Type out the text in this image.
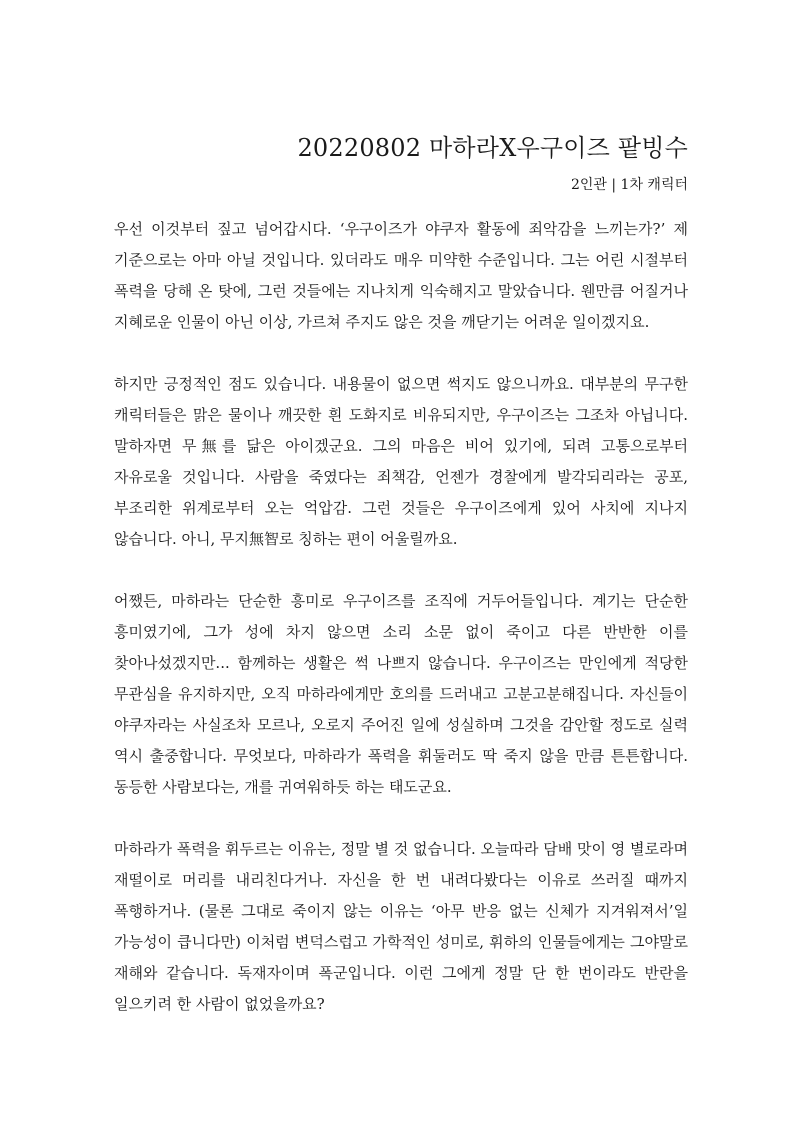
20220802 마하라X우구이즈 팥빙수

2인관 | 1차 캐릭터

우선 이것부터 짚고 넘어갑시다. ‘우구이즈가 야쿠자 활동에 죄악감을 느끼는가?’ 제 기준으로는 아마 아닐 것입니다. 있더라도 매우 미약한 수준입니다. 그는 어린 시절부터 폭력을 당해 온 탓에, 그런 것들에는 지나치게 익숙해지고 말았습니다. 웬만큼 어질거나 지혜로운 인물이 아닌 이상, 가르쳐 주지도 않은 것을 깨닫기는 어려운 일이겠지요.

하지만 긍정적인 점도 있습니다. 내용물이 없으면 썩지도 않으니까요. 대부분의 무구한 캐릭터들은 맑은 물이나 깨끗한 흰 도화지로 비유되지만, 우구이즈는 그조차 아닙니다. 말하자면 무無를 닮은 아이겠군요. 그의 마음은 비어 있기에, 되려 고통으로부터 자유로울 것입니다. 사람을 죽였다는 죄책감, 언젠가 경찰에게 발각되리라는 공포, 부조리한 위계로부터 오는 억압감. 그런 것들은 우구이즈에게 있어 사치에 지나지 않습니다. 아니, 무지無智로 칭하는 편이 어울릴까요.

어쨌든, 마하라는 단순한 흥미로 우구이즈를 조직에 거두어들입니다. 계기는 단순한 흥미였기에, 그가 성에 차지 않으면 소리 소문 없이 죽이고 다른 반반한 이를 찾아나섰겠지만... 함께하는 생활은 썩 나쁘지 않습니다. 우구이즈는 만인에게 적당한 무관심을 유지하지만, 오직 마하라에게만 호의를 드러내고 고분고분해집니다. 자신들이 야쿠자라는 사실조차 모르나, 오로지 주어진 일에 성실하며 그것을 감안할 정도로 실력 역시 출중합니다. 무엇보다, 마하라가 폭력을 휘둘러도 딱 죽지 않을 만큼 튼튼합니다. 동등한 사람보다는, 개를 귀여워하듯 하는 태도군요.

마하라가 폭력을 휘두르는 이유는, 정말 별 것 없습니다. 오늘따라 담배 맛이 영 별로라며 재떨이로 머리를 내리친다거나. 자신을 한 번 내려다봤다는 이유로 쓰러질 때까지 폭행하거나. (물론 그대로 죽이지 않는 이유는 ‘아무 반응 없는 신체가 지겨워져서’일 가능성이 큽니다만) 이처럼 변덕스럽고 가학적인 성미로, 휘하의 인물들에게는 그야말로 재해와 같습니다. 독재자이며 폭군입니다. 이런 그에게 정말 단 한 번이라도 반란을 일으키려 한 사람이 없었을까요?
